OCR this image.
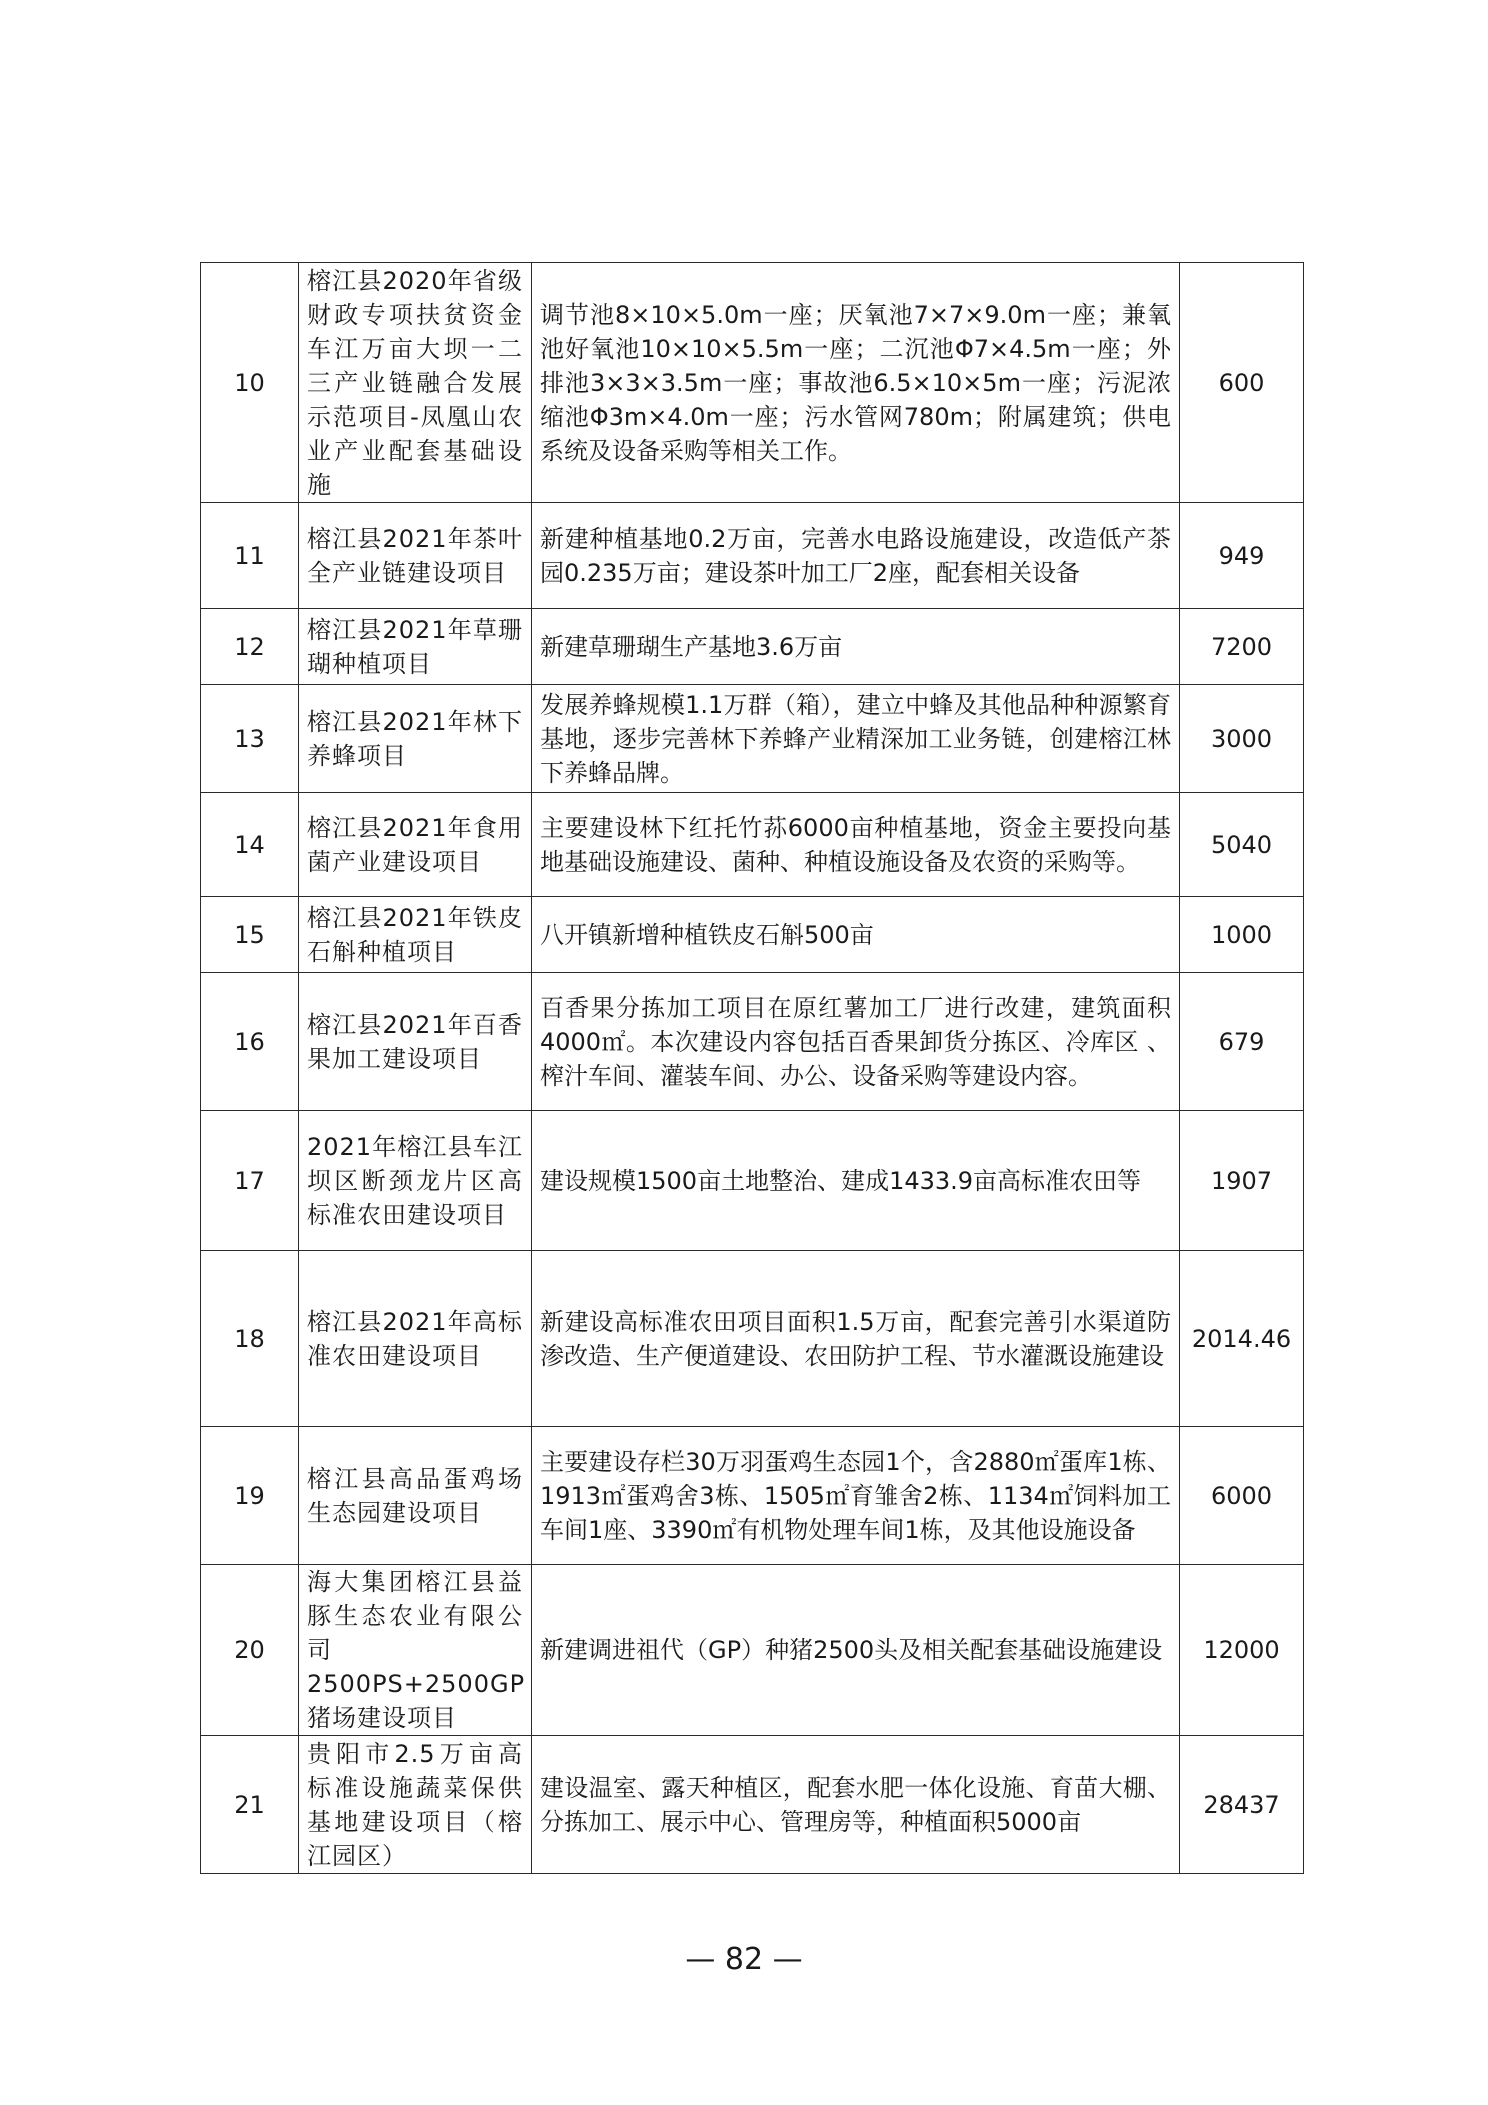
10	榕江县2020年省级财政专项扶贫资金车江万亩大坝一二三产业链融合发展示范项目-凤凰山农业产业配套基础设施	调节池8×10×5.0m一座；厌氧池7×7×9.0m一座；兼氧池好氧池10×10×5.5m一座；二沉池Φ7×4.5m一座；外排池3×3×3.5m一座；事故池6.5×10×5m一座；污泥浓缩池Φ3m×4.0m一座；污水管网780m；附属建筑；供电系统及设备采购等相关工作。	600
11	榕江县2021年茶叶全产业链建设项目	新建种植基地0.2万亩，完善水电路设施建设，改造低产茶园0.235万亩；建设茶叶加工厂2座，配套相关设备	949
12	榕江县2021年草珊瑚种植项目	新建草珊瑚生产基地3.6万亩	7200
13	榕江县2021年林下养蜂项目	发展养蜂规模1.1万群（箱），建立中蜂及其他品种种源繁育基地，逐步完善林下养蜂产业精深加工业务链，创建榕江林下养蜂品牌。	3000
14	榕江县2021年食用菌产业建设项目	主要建设林下红托竹荪6000亩种植基地，资金主要投向基地基础设施建设、菌种、种植设施设备及农资的采购等。	5040
15	榕江县2021年铁皮石斛种植项目	八开镇新增种植铁皮石斛500亩	1000
16	榕江县2021年百香果加工建设项目	百香果分拣加工项目在原红薯加工厂进行改建，建筑面积4000㎡。本次建设内容包括百香果卸货分拣区、冷库区 、榨汁车间、灌装车间、办公、设备采购等建设内容。	679
17	2021年榕江县车江坝区断颈龙片区高标准农田建设项目	建设规模1500亩土地整治、建成1433.9亩高标准农田等	1907
18	榕江县2021年高标准农田建设项目	新建设高标准农田项目面积1.5万亩，配套完善引水渠道防渗改造、生产便道建设、农田防护工程、节水灌溉设施建设	2014.46
19	榕江县高品蛋鸡场生态园建设项目	主要建设存栏30万羽蛋鸡生态园1个，含2880㎡蛋库1栋、1913㎡蛋鸡舍3栋、1505㎡育雏舍2栋、1134㎡饲料加工车间1座、3390㎡有机物处理车间1栋，及其他设施设备	6000
20	海大集团榕江县益豚生态农业有限公司2500PS+2500GP猪场建设项目	新建调进祖代（GP）种猪2500头及相关配套基础设施建设	12000
21	贵阳市2.5万亩高标准设施蔬菜保供基地建设项目（榕江园区）	建设温室、露天种植区，配套水肥一体化设施、育苗大棚、分拣加工、展示中心、管理房等，种植面积5000亩	28437
— 82 —
